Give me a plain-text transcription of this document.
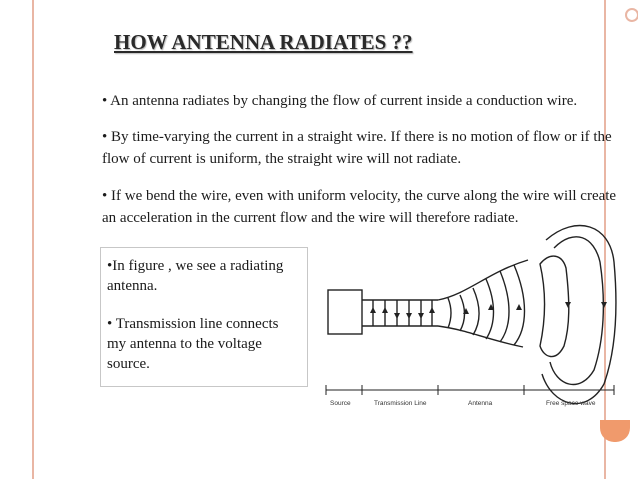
HOW ANTENNA RADIATES ??
• An antenna radiates by changing the flow of current inside a conduction wire.
• By time-varying the current in a straight wire. If there is no motion of flow or if the flow of current is uniform, the straight wire will not radiate.
• If we bend the wire, even with uniform velocity, the curve along the wire will create an acceleration in the current flow and the wire will therefore radiate.

•In figure , we see a radiating antenna.

• Transmission line connects my antenna to the voltage source.

Source	Transmission Line	Antenna	Free space wave
